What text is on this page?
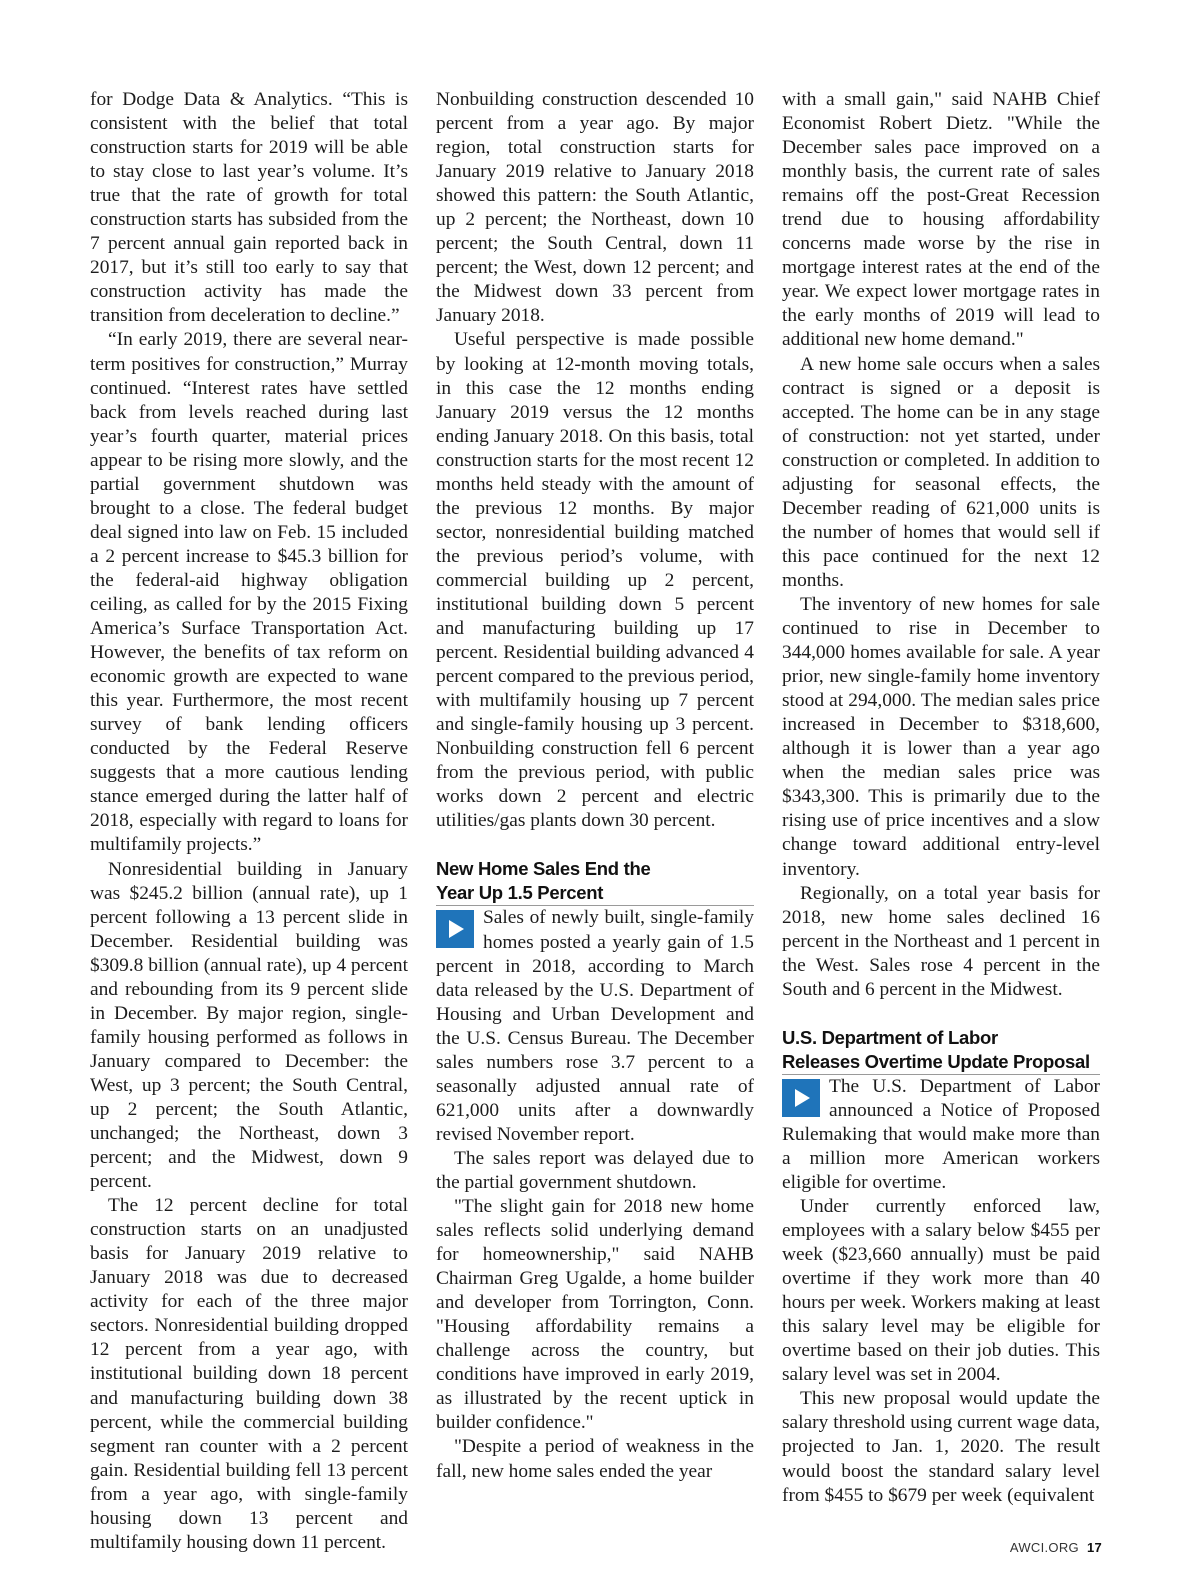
for Dodge Data & Analytics. “This is consistent with the belief that total construction starts for 2019 will be able to stay close to last year’s volume. It’s true that the rate of growth for total construction starts has subsided from the 7 percent annual gain reported back in 2017, but it’s still too early to say that construction activity has made the transition from deceleration to decline.”

“In early 2019, there are several near-term positives for construction,” Murray continued. “Interest rates have settled back from levels reached during last year’s fourth quarter, material prices appear to be rising more slowly, and the partial government shutdown was brought to a close. The federal budget deal signed into law on Feb. 15 included a 2 percent increase to $45.3 billion for the federal-aid highway obligation ceiling, as called for by the 2015 Fixing America’s Surface Transportation Act. However, the benefits of tax reform on economic growth are expected to wane this year. Furthermore, the most recent survey of bank lending officers conducted by the Federal Reserve suggests that a more cautious lending stance emerged during the latter half of 2018, especially with regard to loans for multifamily projects.”

Nonresidential building in January was $245.2 billion (annual rate), up 1 percent following a 13 percent slide in December. Residential building was $309.8 billion (annual rate), up 4 percent and rebounding from its 9 percent slide in December. By major region, single-family housing performed as follows in January compared to December: the West, up 3 percent; the South Central, up 2 percent; the South Atlantic, unchanged; the Northeast, down 3 percent; and the Midwest, down 9 percent.

The 12 percent decline for total construction starts on an unadjusted basis for January 2019 relative to January 2018 was due to decreased activity for each of the three major sectors. Nonresidential building dropped 12 percent from a year ago, with institutional building down 18 percent and manufacturing building down 38 percent, while the commercial building segment ran counter with a 2 percent gain. Residential building fell 13 percent from a year ago, with single-family housing down 13 percent and multifamily housing down 11 percent.

Nonbuilding construction descended 10 percent from a year ago. By major region, total construction starts for January 2019 relative to January 2018 showed this pattern: the South Atlantic, up 2 percent; the Northeast, down 10 percent; the South Central, down 11 percent; the West, down 12 percent; and the Midwest down 33 percent from January 2018.

Useful perspective is made possible by looking at 12-month moving totals, in this case the 12 months ending January 2019 versus the 12 months ending January 2018. On this basis, total construction starts for the most recent 12 months held steady with the amount of the previous 12 months. By major sector, nonresidential building matched the previous period’s volume, with commercial building up 2 percent, institutional building down 5 percent and manufacturing building up 17 percent. Residential building advanced 4 percent compared to the previous period, with multifamily housing up 7 percent and single-family housing up 3 percent. Nonbuilding construction fell 6 percent from the previous period, with public works down 2 percent and electric utilities/gas plants down 30 percent.

New Home Sales End the
Year Up 1.5 Percent

Sales of newly built, single-family homes posted a yearly gain of 1.5 percent in 2018, according to March data released by the U.S. Department of Housing and Urban Development and the U.S. Census Bureau. The December sales numbers rose 3.7 percent to a seasonally adjusted annual rate of 621,000 units after a downwardly revised November report.

The sales report was delayed due to the partial government shutdown.

"The slight gain for 2018 new home sales reflects solid underlying demand for homeownership," said NAHB Chairman Greg Ugalde, a home builder and developer from Torrington, Conn. "Housing affordability remains a challenge across the country, but conditions have improved in early 2019, as illustrated by the recent uptick in builder confidence."

"Despite a period of weakness in the fall, new home sales ended the year

with a small gain," said NAHB Chief Economist Robert Dietz. "While the December sales pace improved on a monthly basis, the current rate of sales remains off the post-Great Recession trend due to housing affordability concerns made worse by the rise in mortgage interest rates at the end of the year. We expect lower mortgage rates in the early months of 2019 will lead to additional new home demand."

A new home sale occurs when a sales contract is signed or a deposit is accepted. The home can be in any stage of construction: not yet started, under construction or completed. In addition to adjusting for seasonal effects, the December reading of 621,000 units is the number of homes that would sell if this pace continued for the next 12 months.

The inventory of new homes for sale continued to rise in December to 344,000 homes available for sale. A year prior, new single-family home inventory stood at 294,000. The median sales price increased in December to $318,600, although it is lower than a year ago when the median sales price was $343,300. This is primarily due to the rising use of price incentives and a slow change toward additional entry-level inventory.

Regionally, on a total year basis for 2018, new home sales declined 16 percent in the Northeast and 1 percent in the West. Sales rose 4 percent in the South and 6 percent in the Midwest.

U.S. Department of Labor
Releases Overtime Update Proposal

The U.S. Department of Labor announced a Notice of Proposed Rulemaking that would make more than a million more American workers eligible for overtime.

Under currently enforced law, employees with a salary below $455 per week ($23,660 annually) must be paid overtime if they work more than 40 hours per week. Workers making at least this salary level may be eligible for overtime based on their job duties. This salary level was set in 2004.

This new proposal would update the salary threshold using current wage data, projected to Jan. 1, 2020. The result would boost the standard salary level from $455 to $679 per week (equivalent

AWCI.ORG 17
